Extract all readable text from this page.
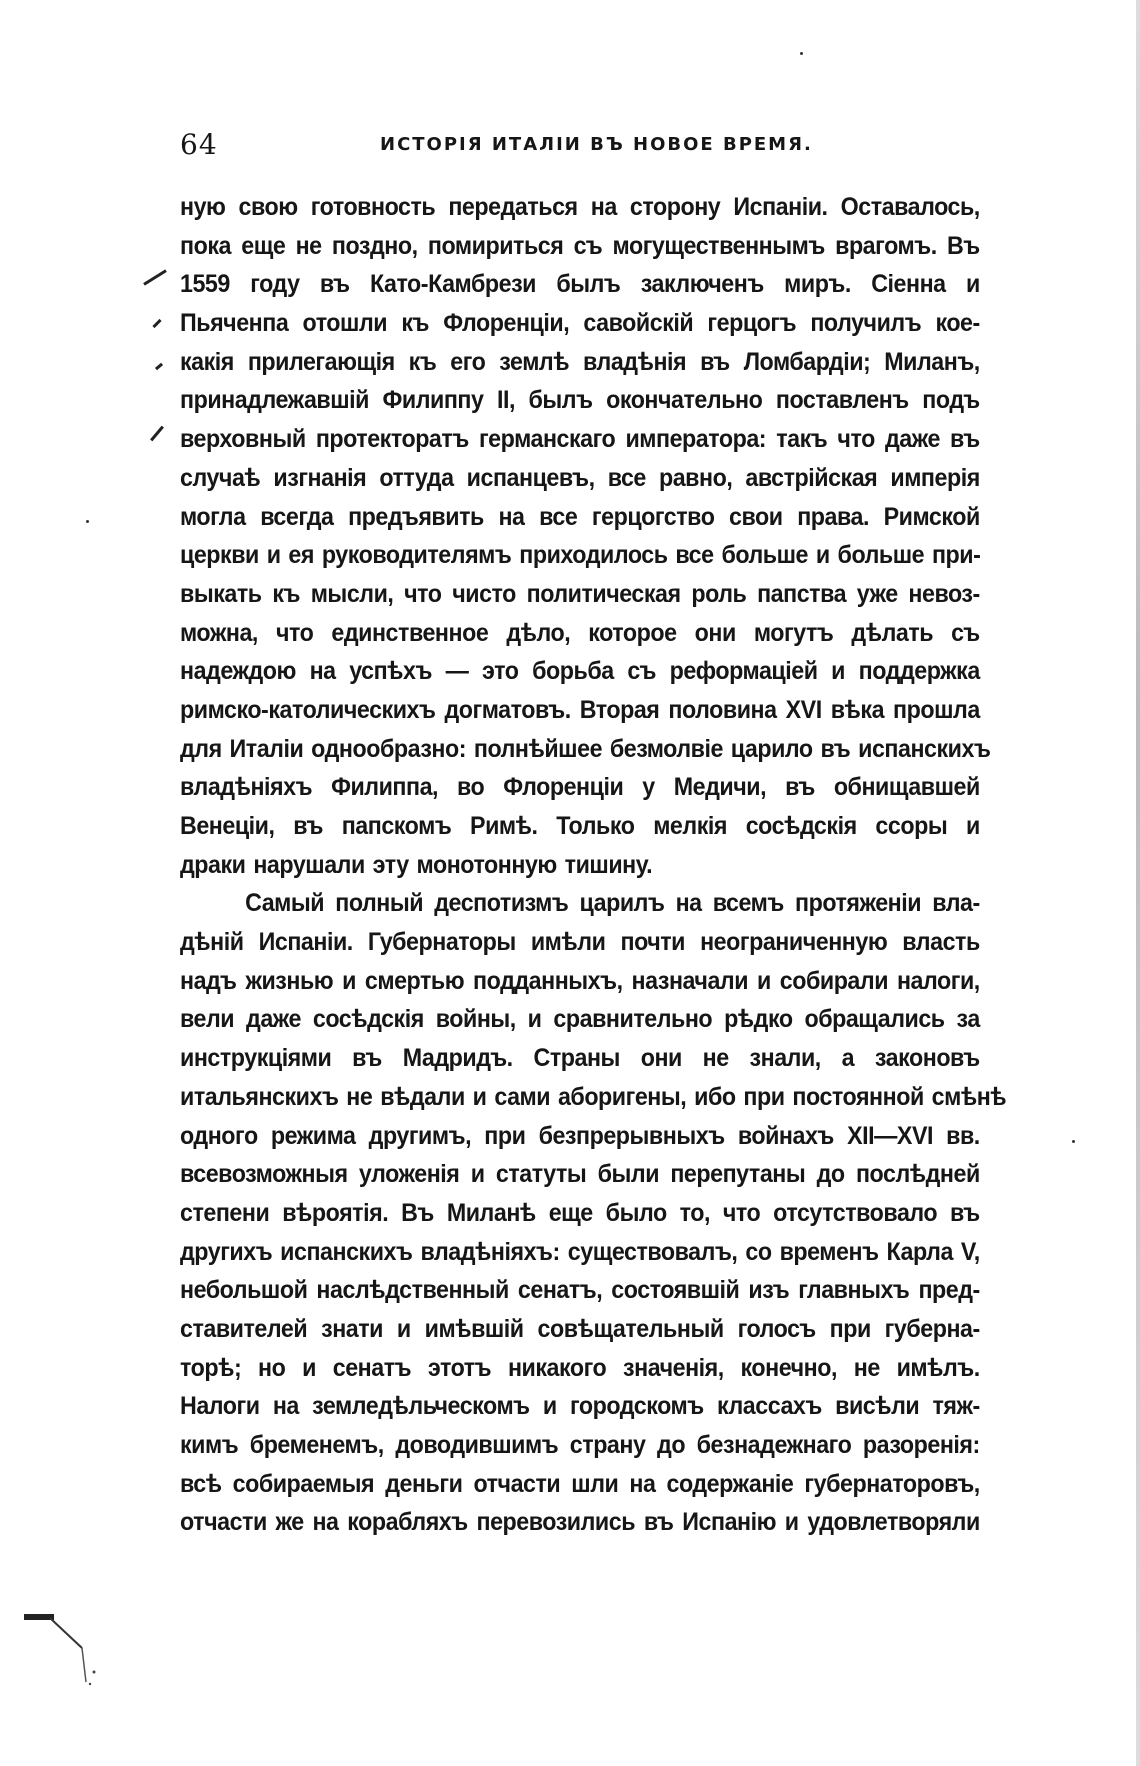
64	ИСТОРІЯ ИТАЛІИ ВЪ НОВОЕ ВРЕМЯ.
ную свою готовность передаться на сторону Испаніи. Оставалось,
пока еще не поздно, помириться съ могущественнымъ врагомъ. Въ
1559 году въ Като-Камбрези былъ заключенъ миръ. Сіенна и
Пьяченпа отошли къ Флоренціи, савойскій герцогъ получилъ кое-
какія прилегающія къ его землѣ владѣнія въ Ломбардіи; Миланъ,
принадлежавшій Филиппу II, былъ окончательно поставленъ подъ
верховный протекторатъ германскаго императора: такъ что даже въ
случаѣ изгнанія оттуда испанцевъ, все равно, австрійская имперія
могла всегда предъявить на все герцогство свои права. Римской
церкви и ея руководителямъ приходилось все больше и больше при-
выкать къ мысли, что чисто политическая роль папства уже невоз-
можна, что единственное дѣло, которое они могутъ дѣлать съ
надеждою на успѣхъ — это борьба съ реформаціей и поддержка
римско-католическихъ догматовъ. Вторая половина XVI вѣка прошла
для Италіи однообразно: полнѣйшее безмолвіе царило въ испанскихъ
владѣніяхъ Филиппа, во Флоренціи у Медичи, въ обнищавшей
Венеціи, въ папскомъ Римѣ. Только мелкія сосѣдскія ссоры и
драки нарушали эту монотонную тишину.
Самый полный деспотизмъ царилъ на всемъ протяженіи вла-
дѣній Испаніи. Губернаторы имѣли почти неограниченную власть
надъ жизнью и смертью подданныхъ, назначали и собирали налоги,
вели даже сосѣдскія войны, и сравнительно рѣдко обращались за
инструкціями въ Мадридъ. Страны они не знали, а законовъ
итальянскихъ не вѣдали и сами аборигены, ибо при постоянной смѣнѣ
одного режима другимъ, при безпрерывныхъ войнахъ XII—XVI вв.
всевозможныя уложенія и статуты были перепутаны до послѣдней
степени вѣроятія. Въ Миланѣ еще было то, что отсутствовало въ
другихъ испанскихъ владѣніяхъ: существовалъ, со временъ Карла V,
небольшой наслѣдственный сенатъ, состоявшій изъ главныхъ пред-
ставителей знати и имѣвшій совѣщательный голосъ при губерна-
торѣ; но и сенатъ этотъ никакого значенія, конечно, не имѣлъ.
Налоги на земледѣльческомъ и городскомъ классахъ висѣли тяж-
кимъ бременемъ, доводившимъ страну до безнадежнаго разоренія:
всѣ собираемыя деньги отчасти шли на содержаніе губернаторовъ,
отчасти же на корабляхъ перевозились въ Испанію и удовлетворяли
